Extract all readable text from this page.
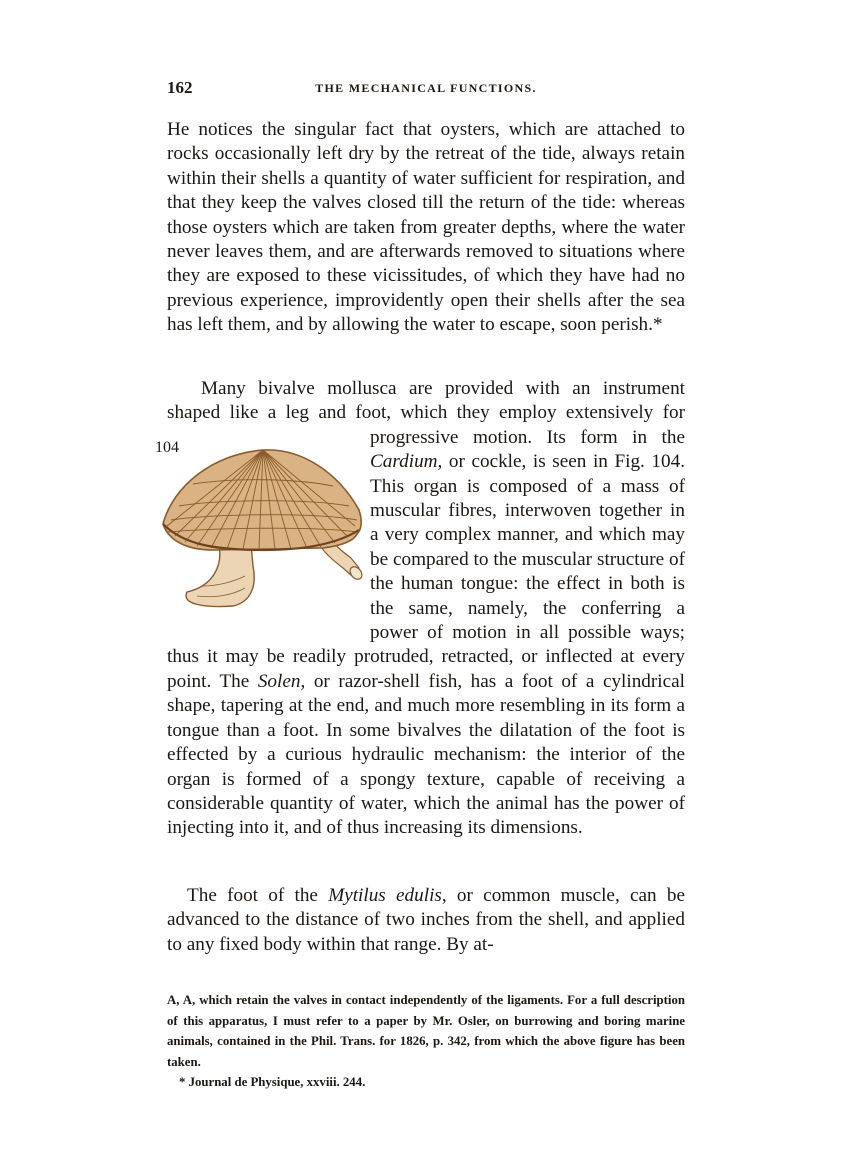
162	THE MECHANICAL FUNCTIONS.

He notices the singular fact that oysters, which are attached to rocks occasionally left dry by the retreat of the tide, always retain within their shells a quantity of water sufficient for respiration, and that they keep the valves closed till the return of the tide: whereas those oysters which are taken from greater depths, where the water never leaves them, and are afterwards removed to situations where they are exposed to these vicissitudes, of which they have had no previous experience, improvidently open their shells after the sea has left them, and by allowing the water to escape, soon perish.*

Many bivalve mollusca are provided with an instrument shaped like a leg and foot, which they employ extensively
104
for progressive motion. Its form in the Cardium, or cockle, is seen in Fig. 104. This organ is composed of a mass of muscular fibres, interwoven together in a very complex manner, and which may be compared to the muscular structure of the human tongue: the effect in both is the same, namely, the conferring a power of motion in all possible ways; thus it may be readily protruded, retracted, or inflected at every point. The Solen, or razor-shell fish, has a foot of a cylindrical shape, tapering at the end, and much more resembling in its form a tongue than a foot. In some bivalves the dilatation of the foot is effected by a curious hydraulic mechanism: the interior of the organ is formed of a spongy texture, capable of receiving a considerable quantity of water, which the animal has the power of injecting into it, and of thus increasing its dimensions.

The foot of the Mytilus edulis, or common muscle, can be advanced to the distance of two inches from the shell, and applied to any fixed body within that range. By at-

A, A, which retain the valves in contact independently of the ligaments. For a full description of this apparatus, I must refer to a paper by Mr. Osler, on burrowing and boring marine animals, contained in the Phil. Trans. for 1826, p. 342, from which the above figure has been taken.

* Journal de Physique, xxviii. 244.
